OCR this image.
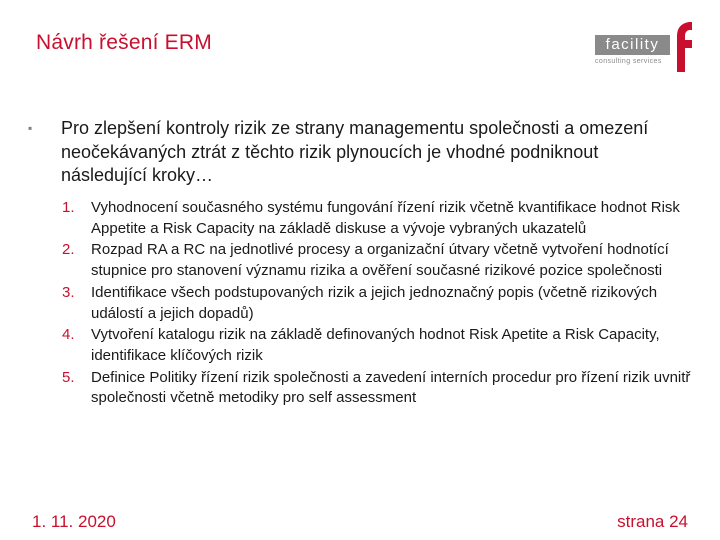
Návrh řešení ERM	facility
consulting services
▪ Pro zlepšení kontroly rizik ze strany managementu společnosti a omezení neočekávaných ztrát z těchto rizik plynoucích je vhodné podniknout následující kroky…
1. Vyhodnocení současného systému fungování řízení rizik včetně kvantifikace hodnot Risk Appetite a Risk Capacity na základě diskuse a vývoje vybraných ukazatelů
2. Rozpad RA a RC na jednotlivé procesy a organizační útvary včetně vytvoření hodnotící stupnice pro stanovení významu rizika a ověření současné rizikové pozice společnosti
3. Identifikace všech podstupovaných rizik a jejich jednoznačný popis (včetně rizikových událostí a jejich dopadů)
4. Vytvoření katalogu rizik na základě definovaných hodnot Risk Apetite a Risk Capacity, identifikace klíčových rizik
5. Definice Politiky řízení rizik společnosti a zavedení interních procedur pro řízení rizik uvnitř společnosti včetně metodiky pro self assessment
1. 11. 2020	strana 24
